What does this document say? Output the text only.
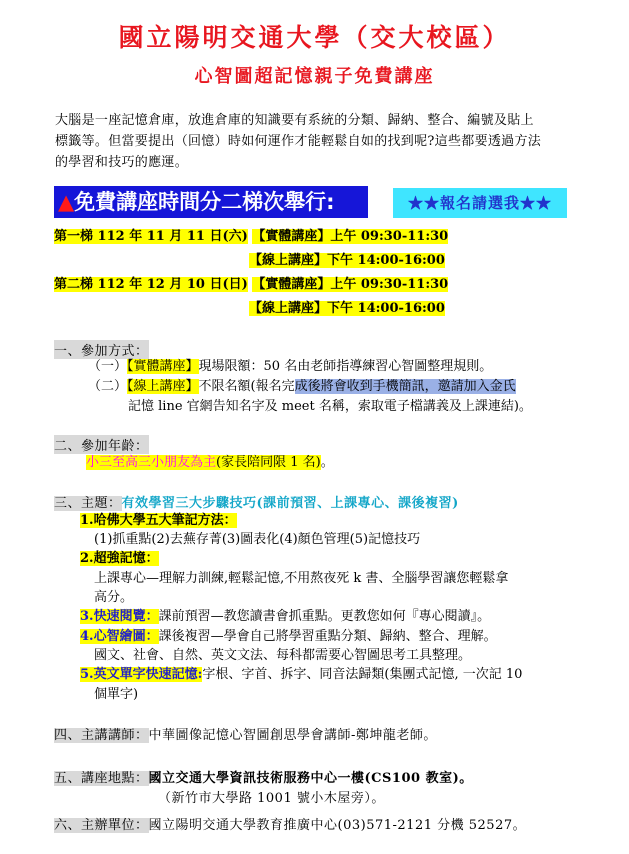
國立陽明交通大學（交大校區）
心智圖超記憶親子免費講座
大腦是一座記憶倉庫，放進倉庫的知識要有系統的分類、歸納、整合、編號及貼上
標籤等。但當要提出（回憶）時如何運作才能輕鬆自如的找到呢?這些都要透過方法
的學習和技巧的應運。
▲免費講座時間分二梯次舉行:	★★報名請選我★★
第一梯 112 年 11 月 11 日(六) 【實體講座】上午 09:30-11:30
【線上講座】下午 14:00-16:00
第二梯 112 年 12 月 10 日(日) 【實體講座】上午 09:30-11:30
【線上講座】下午 14:00-16:00
一、參加方式：
（一）【實體講座】現場限額：50 名由老師指導練習心智圖整理規則。
（二）【線上講座】不限名額(報名完成後將會收到手機簡訊，邀請加入金氏
記憶 line 官網告知名字及 meet 名稱，索取電子檔講義及上課連結)。
二、參加年齡：
小三至高三小朋友為主(家長陪同限 1 名)。
三、主題：有效學習三大步驟技巧(課前預習、上課專心、課後複習)
1.哈佛大學五大筆記方法：
(1)抓重點(2)去蕪存菁(3)圖表化(4)顏色管理(5)記憶技巧
2.超強記憶：
上課專心—理解力訓練,輕鬆記憶,不用熬夜死 k 書、全腦學習讓您輕鬆拿
高分。
3.快速閱覽：課前預習—教您讀書會抓重點。更教您如何『專心閱讀』。
4.心智繪圖：課後複習—學會自己將學習重點分類、歸納、整合、理解。
國文、社會、自然、英文文法、每科都需要心智圖思考工具整理。
5.英文單字快速記憶:字根、字首、拆字、同音法歸類(集團式記憶, 一次記 10
個單字)
四、主講講師：中華圖像記憶心智圖創思學會講師-鄭坤龍老師。
五、講座地點：國立交通大學資訊技術服務中心一樓(CS100 教室)。
（新竹市大學路 1001 號小木屋旁）。
六、主辦單位：國立陽明交通大學教育推廣中心(03)571-2121 分機 52527。
